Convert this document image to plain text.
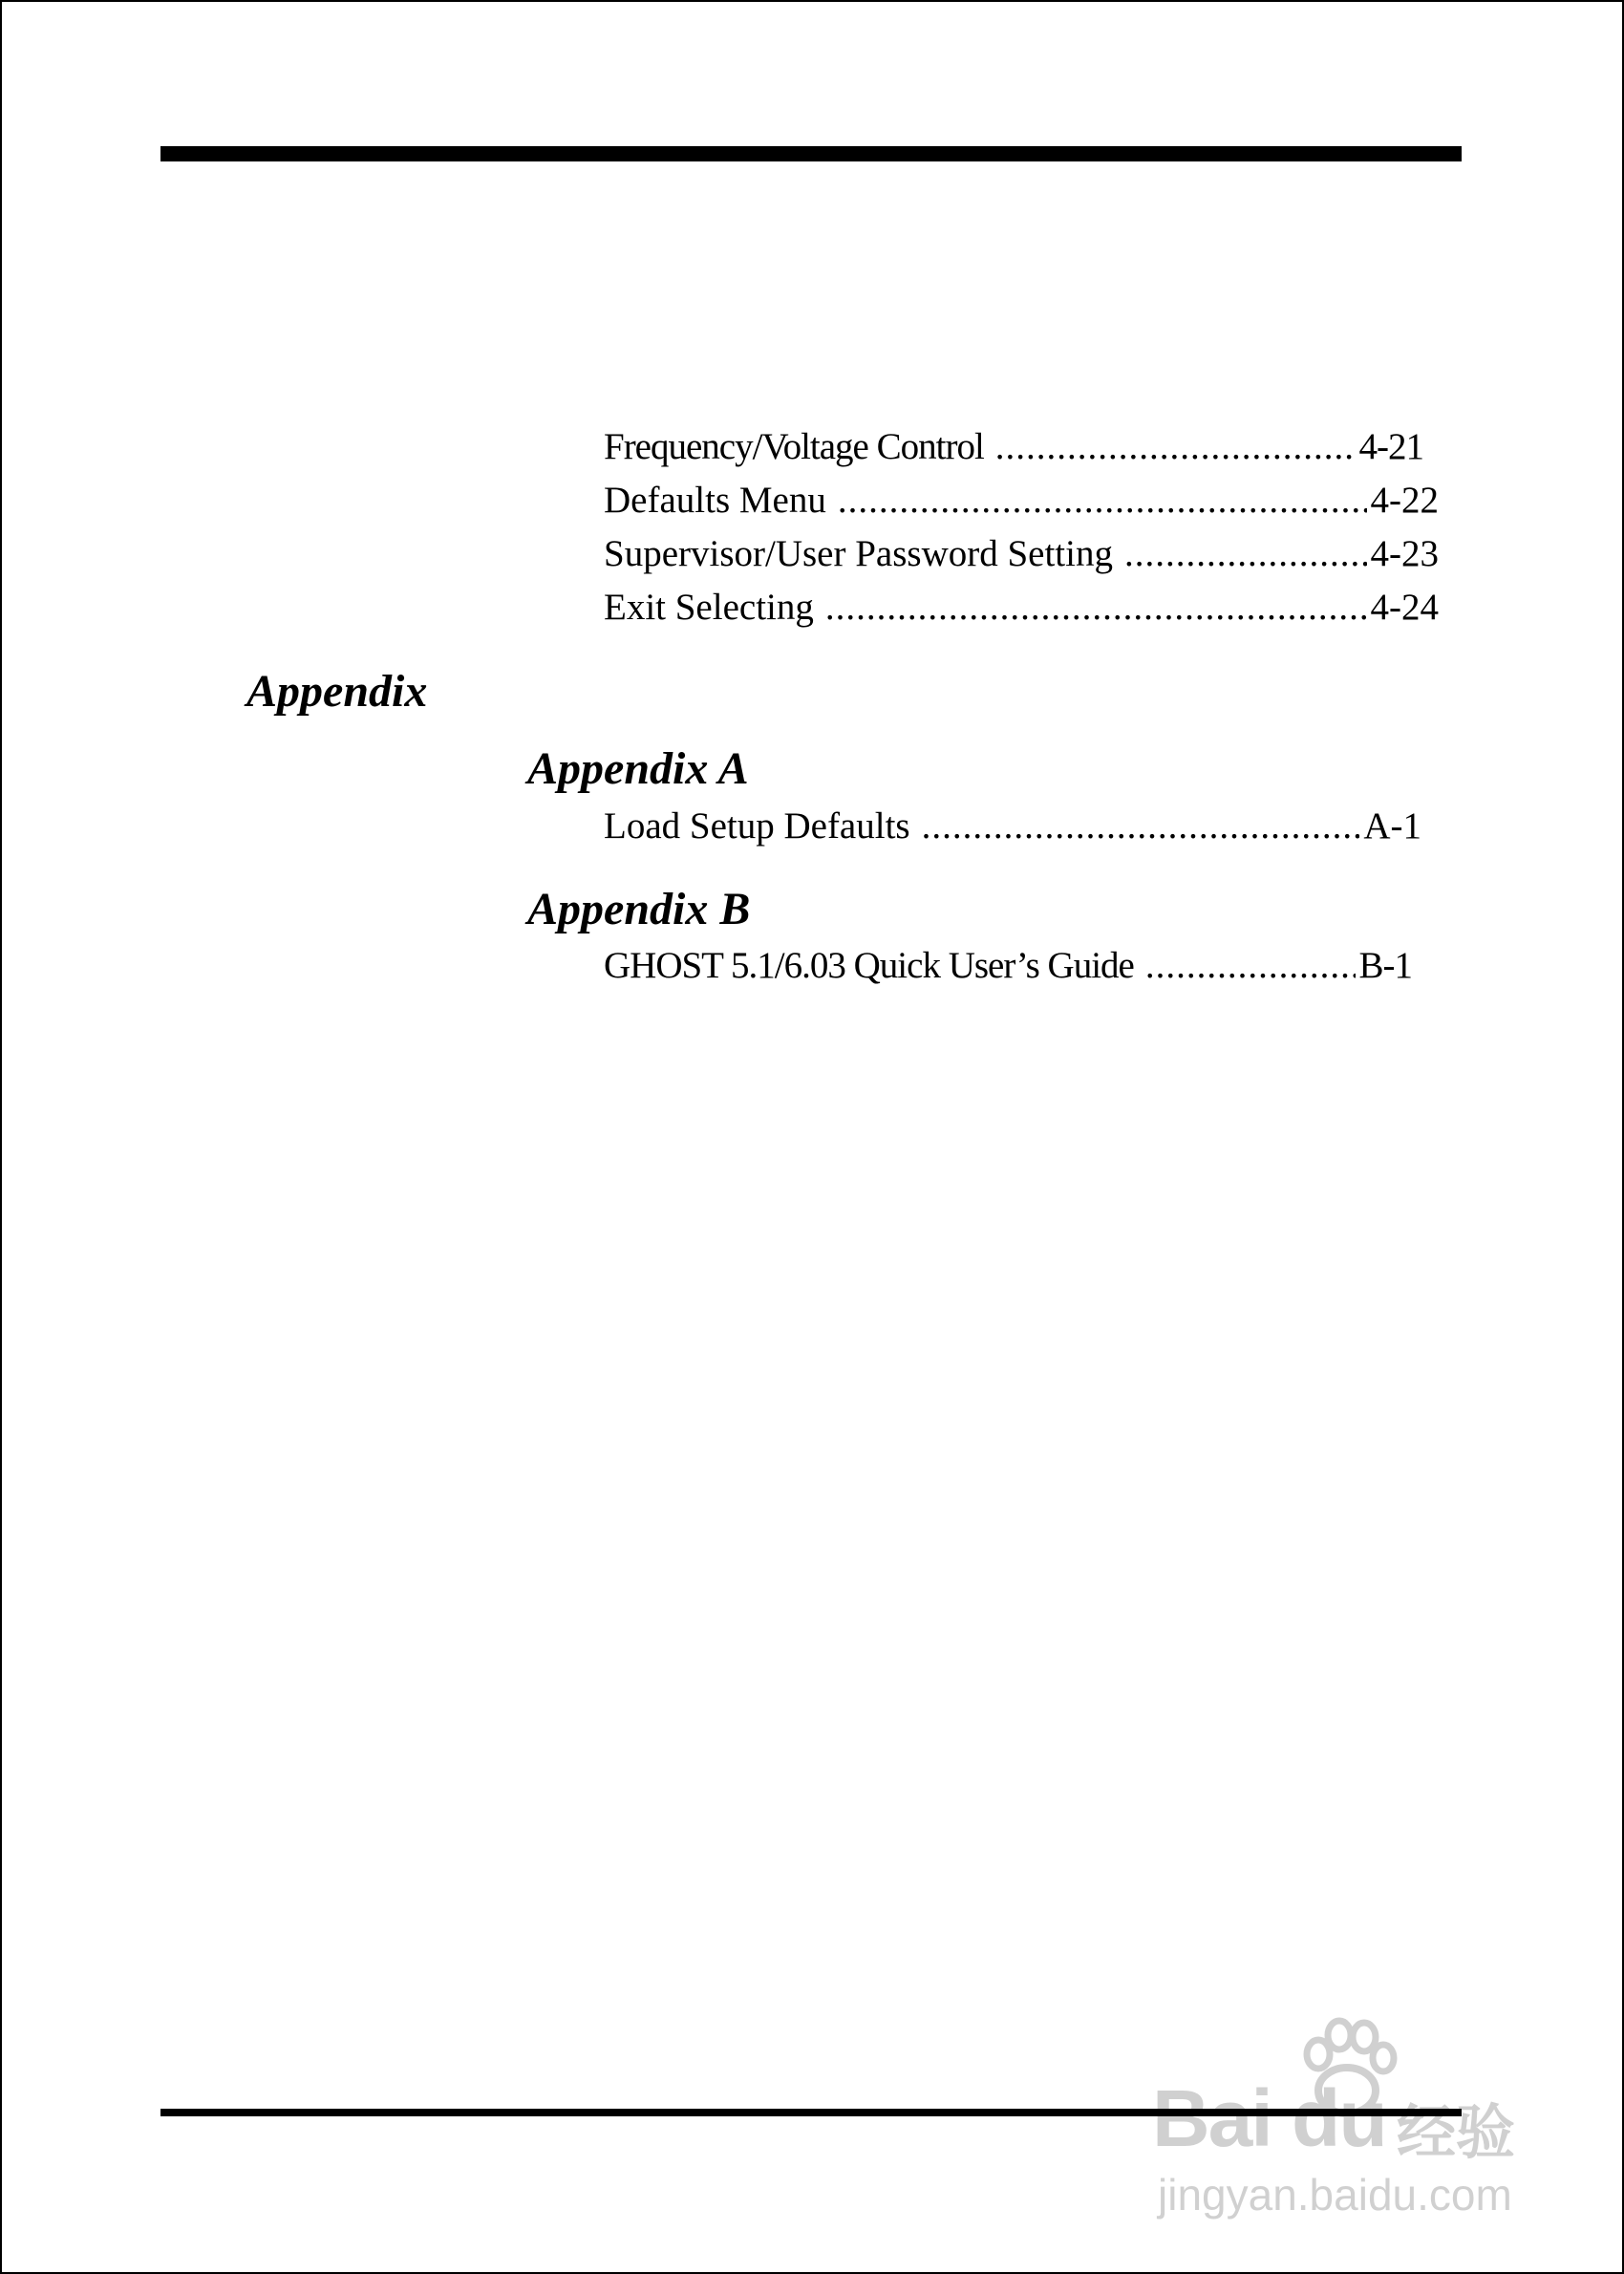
Frequency/Voltage Control .....	4-21
Defaults Menu .....	4-22
Supervisor/User Password Setting .....	4-23
Exit Selecting .....	4-24
Appendix
Appendix A
Load Setup Defaults .....	A-1
Appendix B
GHOST 5.1/6.03 Quick User’s Guide .....	B-1
Bai du 经验
jingyan.baidu.com
